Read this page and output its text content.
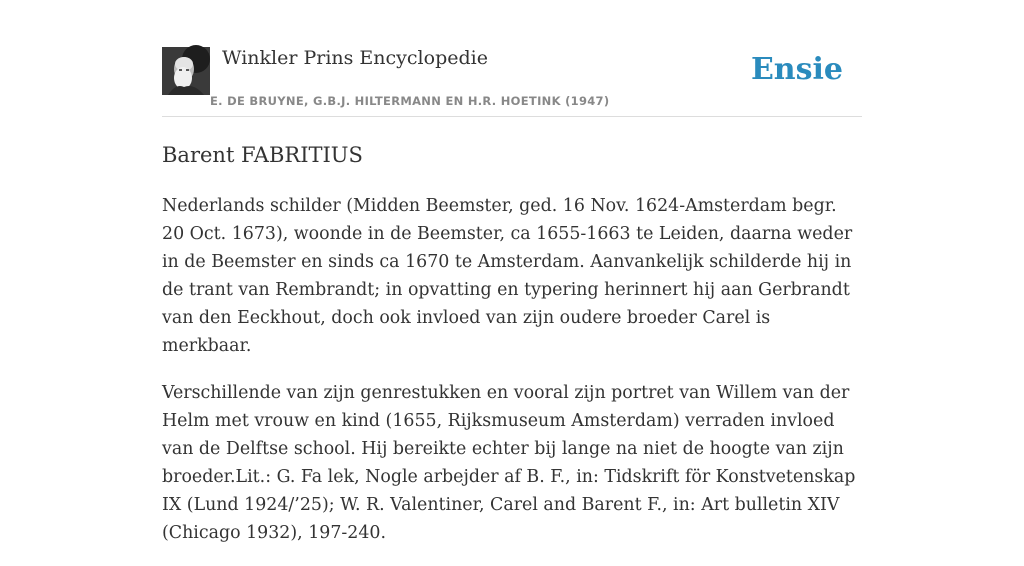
Winkler Prins Encyclopedie
E. DE BRUYNE, G.B.J. HILTERMANN EN H.R. HOETINK (1947)
Ensie
Barent FABRITIUS

Nederlands schilder (Midden Beemster, ged. 16 Nov. 1624-Amsterdam begr. 20 Oct. 1673), woonde in de Beemster, ca 1655-1663 te Leiden, daarna weder in de Beemster en sinds ca 1670 te Amsterdam. Aanvankelijk schilderde hij in de trant van Rembrandt; in opvatting en typering herinnert hij aan Gerbrandt van den Eeckhout, doch ook invloed van zijn oudere broeder Carel is merkbaar.

Verschillende van zijn genrestukken en vooral zijn portret van Willem van der Helm met vrouw en kind (1655, Rijksmuseum Amsterdam) verraden invloed van de Delftse school. Hij bereikte echter bij lange na niet de hoogte van zijn broeder.Lit.: G. Fa lek, Nogle arbejder af B. F., in: Tidskrift för Konstvetenskap IX (Lund 1924/’25); W. R. Valentiner, Carel and Barent F., in: Art bulletin XIV (Chicago 1932), 197-240.
